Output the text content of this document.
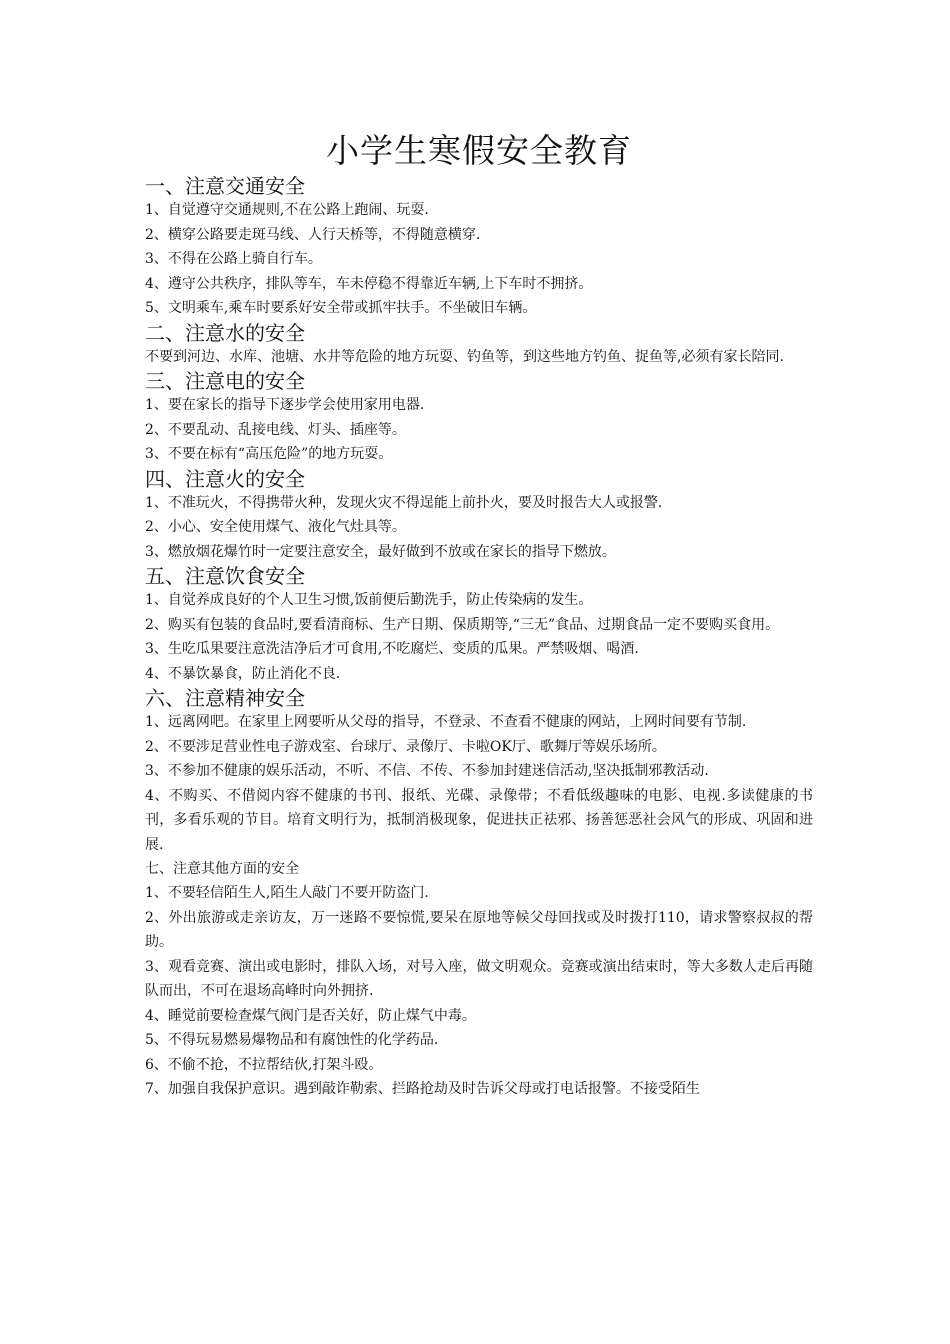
小学生寒假安全教育
一、注意交通安全

1、自觉遵守交通规则,不在公路上跑闹、玩耍.

2、横穿公路要走斑马线、人行天桥等，不得随意横穿.

3、不得在公路上骑自行车。

4、遵守公共秩序，排队等车，车未停稳不得靠近车辆,上下车时不拥挤。

5、文明乘车,乘车时要系好安全带或抓牢扶手。不坐破旧车辆。

二、注意水的安全

不要到河边、水库、池塘、水井等危险的地方玩耍、钓鱼等，到这些地方钓鱼、捉鱼等,必须有家长陪同.

三、注意电的安全

1、要在家长的指导下逐步学会使用家用电器.

2、不要乱动、乱接电线、灯头、插座等。

3、不要在标有“高压危险”的地方玩耍。

四、注意火的安全

1、不准玩火，不得携带火种，发现火灾不得逞能上前扑火，要及时报告大人或报警.

2、小心、安全使用煤气、液化气灶具等。

3、燃放烟花爆竹时一定要注意安全，最好做到不放或在家长的指导下燃放。

五、注意饮食安全

1、自觉养成良好的个人卫生习惯,饭前便后勤洗手，防止传染病的发生。

2、购买有包装的食品时,要看清商标、生产日期、保质期等,“三无”食品、过期食品一定不要购买食用。

3、生吃瓜果要注意洗洁净后才可食用,不吃腐烂、变质的瓜果。严禁吸烟、喝酒.

4、不暴饮暴食，防止消化不良.

六、注意精神安全

1、远离网吧。在家里上网要听从父母的指导，不登录、不查看不健康的网站，上网时间要有节制.

2、不要涉足营业性电子游戏室、台球厅、录像厅、卡啦OK厅、歌舞厅等娱乐场所。

3、不参加不健康的娱乐活动，不听、不信、不传、不参加封建迷信活动,坚决抵制邪教活动.

4、不购买、不借阅内容不健康的书刊、报纸、光碟、录像带；不看低级趣味的电影、电视.多读健康的书刊，多看乐观的节目。培育文明行为，抵制消极现象，促进扶正祛邪、扬善惩恶社会风气的形成、巩固和进展.

七、注意其他方面的安全

1、不要轻信陌生人,陌生人敲门不要开防盗门.

2、外出旅游或走亲访友，万一迷路不要惊慌,要呆在原地等候父母回找或及时拨打110，请求警察叔叔的帮助。

3、观看竞赛、演出或电影时，排队入场，对号入座，做文明观众。竞赛或演出结束时，等大多数人走后再随队而出，不可在退场高峰时向外拥挤.

4、睡觉前要检查煤气阀门是否关好，防止煤气中毒。

5、不得玩易燃易爆物品和有腐蚀性的化学药品.

6、不偷不抢，不拉帮结伙,打架斗殴。

7、加强自我保护意识。遇到敲诈勒索、拦路抢劫及时告诉父母或打电话报警。不接受陌生
